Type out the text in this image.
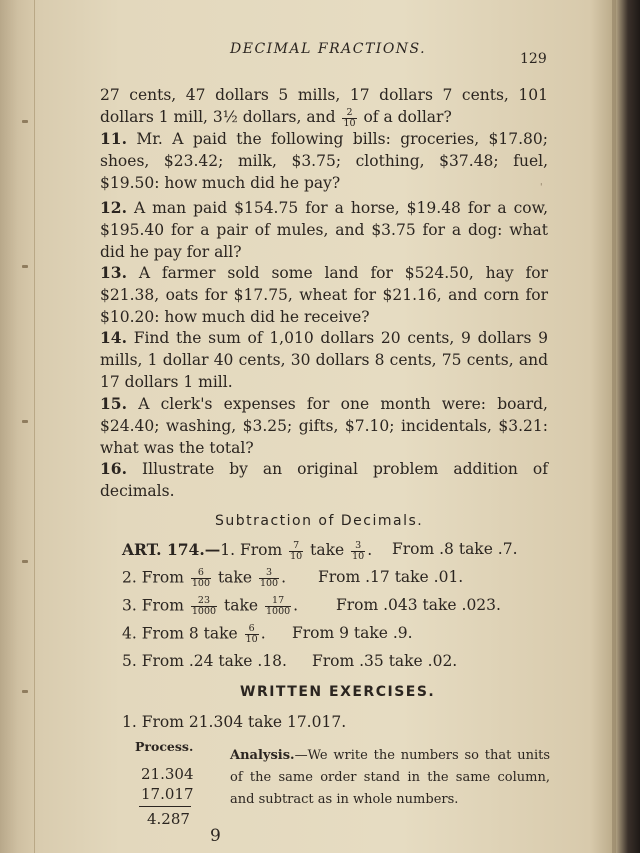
DECIMAL FRACTIONS.
129
27 cents, 47 dollars 5 mills, 17 dollars 7 cents, 101 dollars 1 mill, 3½ dollars, and $\frac{2}{10}$ of a dollar?
11. Mr. A paid the following bills: groceries, $17.80; shoes, $23.42; milk, $3.75; clothing, $37.48; fuel, $19.50: how much did he pay?	'
12. A man paid $154.75 for a horse, $19.48 for a cow, $195.40 for a pair of mules, and $3.75 for a dog: what did he pay for all?
13. A farmer sold some land for $524.50, hay for $21.38, oats for $17.75, wheat for $21.16, and corn for $10.20: how much did he receive?
14. Find the sum of 1,010 dollars 20 cents, 9 dollars 9 mills, 1 dollar 40 cents, 30 dollars 8 cents, 75 cents, and 17 dollars 1 mill.
15. A clerk's expenses for one month were: board, $24.40; washing, $3.25; gifts, $7.10; incidentals, $3.21: what was the total?
16. Illustrate by an original problem addition of decimals.
Subtraction of Decimals.
ART. 174.—1. From $\frac{7}{10}$ take $\frac{3}{10}$ . From .8 take .7.
2. From $\frac{6}{100}$ take $\frac{3}{100}$ . From .17 take .01.
3. From $\frac{23}{1000}$ take $\frac{17}{1000}$ . From .043 take .023.
4. From 8 take $\frac{6}{10}$ . From 9 take .9.
5. From .24 take .18. From .35 take .02.
WRITTEN EXERCISES.
1. From 21.304 take 17.017.
Process.
21.304
17.017
4.287
Analysis.—We write the numbers so that units of the same order stand in the same column, and subtract as in whole numbers.
9
